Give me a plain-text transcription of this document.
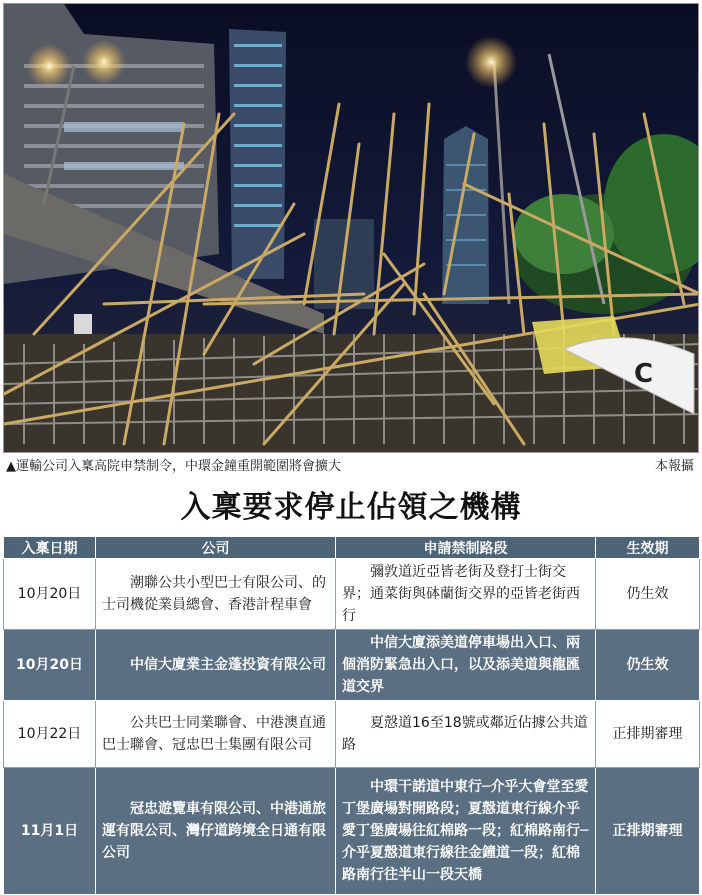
C
▲運輸公司入稟高院申禁制令，中環金鐘重開範圍將會擴大	本報攝
入稟要求停止佔領之機構
入稟日期	公司	申請禁制路段	生效期
10月20日	潮聯公共小型巴士有限公司、的士司機從業員總會、香港計程車會	彌敦道近亞皆老街及登打士街交界；通菜街與砵蘭街交界的亞皆老街西行	仍生效
10月20日	中信大廈業主金蓬投資有限公司	中信大廈添美道停車場出入口、兩個消防緊急出入口，以及添美道與龍匯道交界	仍生效
10月22日	公共巴士同業聯會、中港澳直通巴士聯會、冠忠巴士集團有限公司	夏慤道16至18號或鄰近佔據公共道路	正排期審理
11月1日	冠忠遊覽車有限公司、中港通旅運有限公司、灣仔道跨境全日通有限公司	中環干諾道中東行─介乎大會堂至愛丁堡廣場對開路段；夏慤道東行線介乎愛丁堡廣場往紅棉路一段；紅棉路南行─介乎夏慤道東行線往金鐘道一段；紅棉路南行往半山一段天橋	正排期審理
